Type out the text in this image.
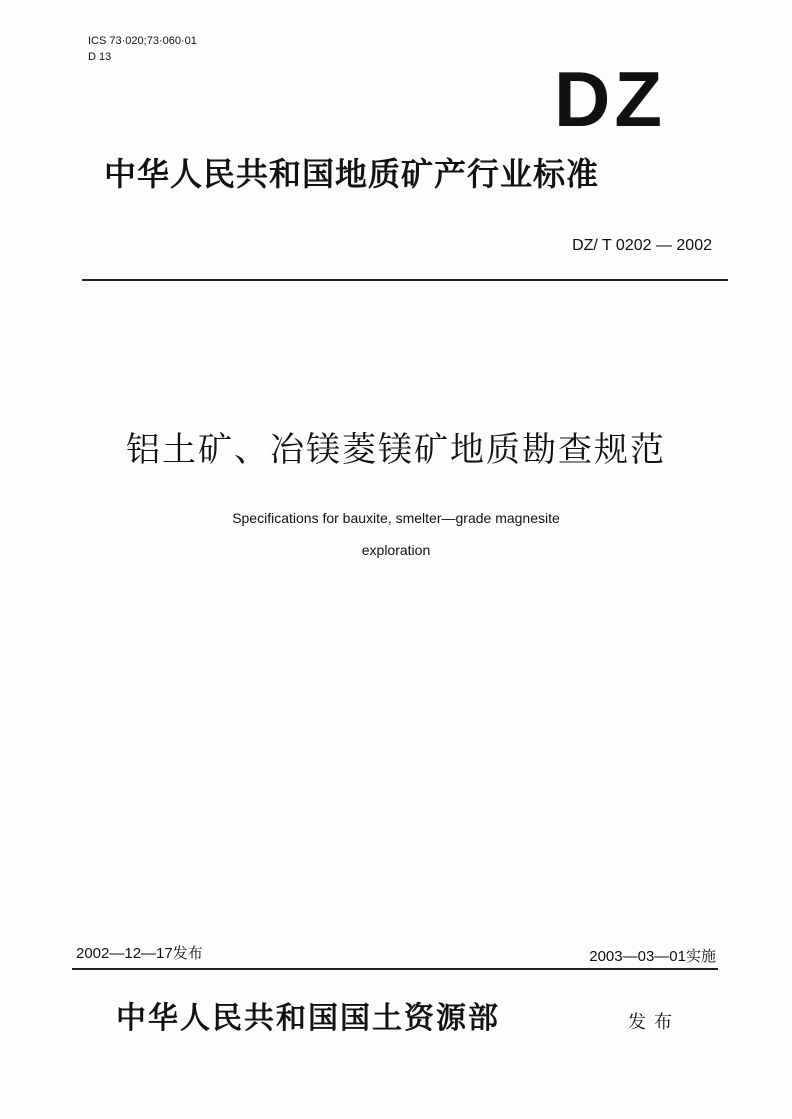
ICS 73·020;73·060·01
D 13	DZ
中华人民共和国地质矿产行业标准
DZ/ T 0202 — 2002
铝土矿、冶镁菱镁矿地质勘查规范
Specifications for bauxite, smelter—grade magnesite
exploration
2002—12—17发布	2003—03—01实施
中华人民共和国国土资源部	发布
